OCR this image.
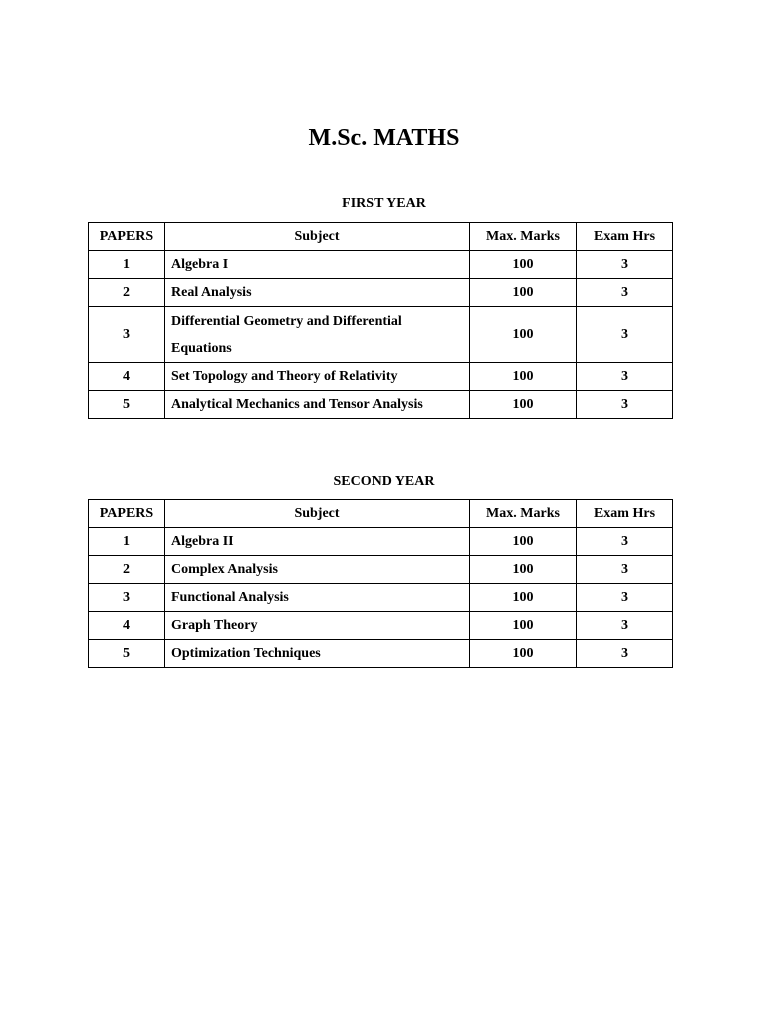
M.Sc. MATHS
FIRST YEAR
PAPERS	Subject	Max. Marks	Exam Hrs
1	Algebra I	100	3
2	Real Analysis	100	3
3	Differential Geometry and Differential Equations	100	3
4	Set Topology and Theory of Relativity	100	3
5	Analytical Mechanics and Tensor Analysis	100	3
SECOND YEAR
PAPERS	Subject	Max. Marks	Exam Hrs
1	Algebra II	100	3
2	Complex Analysis	100	3
3	Functional Analysis	100	3
4	Graph Theory	100	3
5	Optimization Techniques	100	3
